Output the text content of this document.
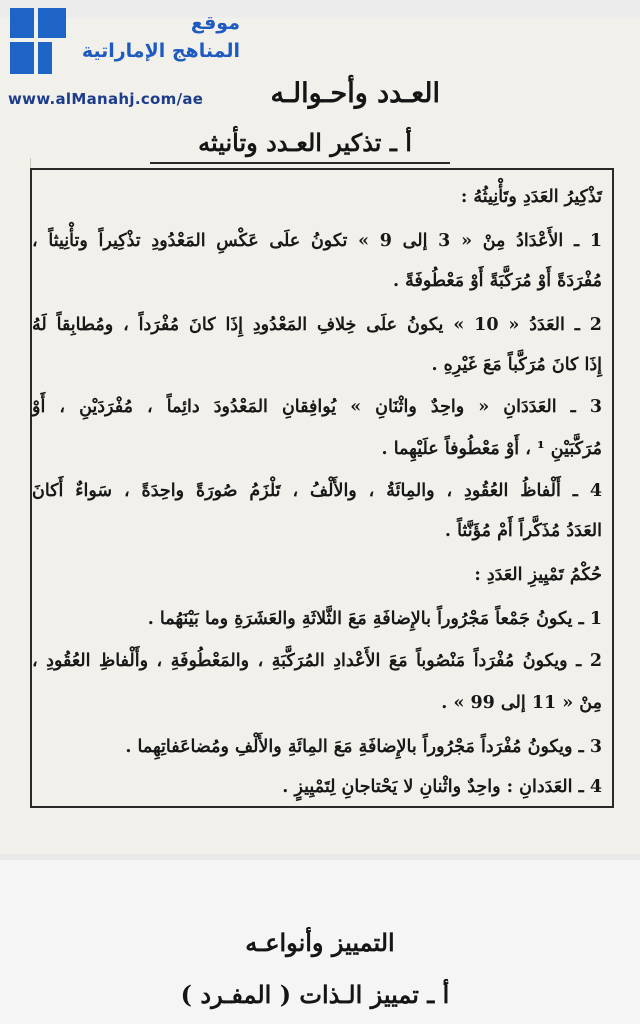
موقع
المناهج الإماراتية
www.alManahj.com/ae	العـدد وأحـوالـه
أ ـ تذكير العـدد وتأنيثه
تَذْكِيرُ العَدَدِ وتَأْنِيثُهُ :
1 ـ الأَعْدَادُ مِنْ « 3 إلى 9 » تكونُ علَى عَكْسِ المَعْدُودِ تذْكِيراً وتأْنِيثاً ،
مُفْرَدَةً أَوْ مُرَكَّبَةً أَوْ مَعْطُوفَةً .
2 ـ العَدَدُ « 10 » يكونُ علَى خِلافِ المَعْدُودِ إِذَا كانَ مُفْرَداً ، ومُطابِقاً لَهُ
إِذَا كانَ مُرَكَّباً مَعَ غَيْرِهِ .
3 ـ العَدَدَانِ « واحِدٌ واثْنَانِ » يُوافِقانِ المَعْدُودَ دائِماً ، مُفْرَدَيْنِ ، أَوْ
مُرَكَّبَيْنِ ¹ ، أَوْ مَعْطُوفاً علَيْهِما .
4 ـ أَلْفاظُ العُقُودِ ، والمِائَةُ ، والأَلْفُ ، تَلْزَمُ صُورَةً واحِدَةً ، سَواءٌ أَكانَ
العَدَدُ مُذَكَّراً أَمْ مُؤَنَّثاً .
حُكْمُ تَمْيِيزِ العَدَدِ :
1 ـ يكونُ جَمْعاً مَجْرُوراً بالإِضافَةِ مَعَ الثَّلاثَةِ والعَشَرَةِ وما بَيْنَهُما .
2 ـ ويكونُ مُفْرَداً مَنْصُوباً مَعَ الأَعْدادِ المُرَكَّبَةِ ، والمَعْطُوفَةِ ، وأَلْفاظِ العُقُودِ ،
مِنْ « 11 إلى 99 » .
3 ـ ويكونُ مُفْرَداً مَجْرُوراً بالإِضافَةِ مَعَ المِائَةِ والأَلْفِ ومُضاعَفاتِهِما .
4 ـ العَدَدانِ : واحِدٌ واثْنانِ لا يَحْتاجانِ لِتَمْيِيزٍ .
التمييز وأنواعـه
أ ـ تمييز الـذات ( المفـرد )
